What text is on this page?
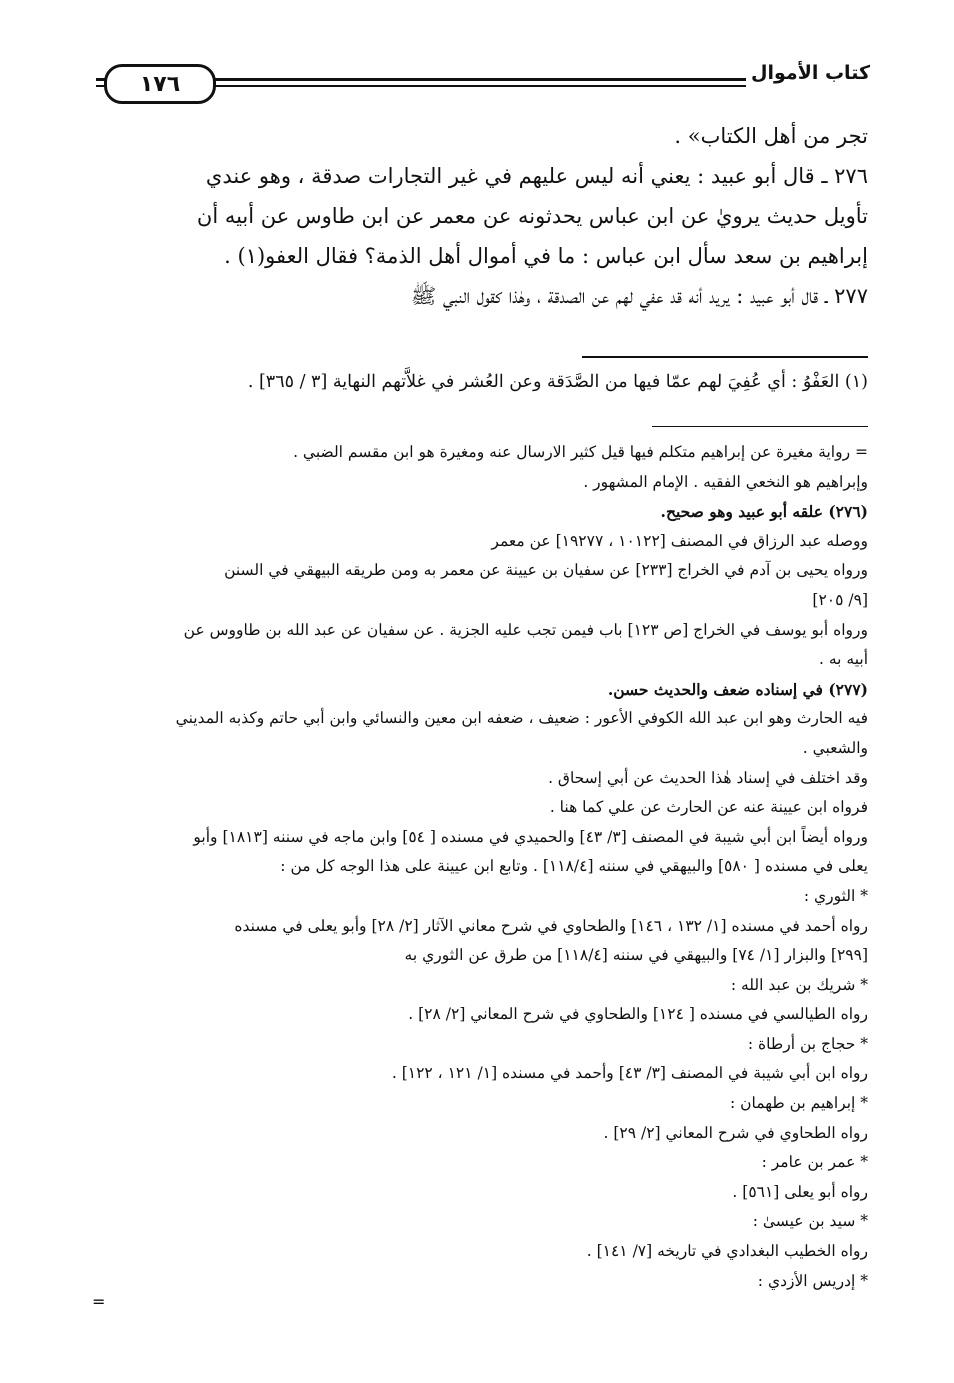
١٧٦	كتاب الأموال

تجر من أهل الكتاب» .

٢٧٦ ـ قال أبو عبيد : يعني أنه ليس عليهم في غير التجارات صدقة ، وهو عندي

تأويل حديث يرويٰ عن ابن عباس يحدثونه عن معمر عن ابن طاوس عن أبيه أن

إبراهيم بن سعد سأل ابن عباس : ما في أموال أهل الذمة؟ فقال العفو(١) .

٢٧٧ ـ قال أبو عبيد : يريد أنه قد عفي لهم عن الصدقة ، وهٰذا كقول النبي ﷺ

(١) العَفْوُ : أي عُفِيَ لهم عمّا فيها من الصَّدَقة وعن العُشر في غلاَّتهم النهاية [٣ / ٣٦٥] .
= رواية مغيرة عن إبراهيم متكلم فيها قيل كثير الارسال عنه ومغيرة هو ابن مقسم الضبي .
وإبراهيم هو النخعي الفقيه . الإمام المشهور .
(٢٧٦) علقه أبو عبيد وهو صحيح.
ووصله عبد الرزاق في المصنف [١٠١٢٢ ، ١٩٢٧٧] عن معمر
ورواه يحيى بن آدم في الخراج [٢٣٣] عن سفيان بن عيينة عن معمر به ومن طريقه البيهقي في السنن
[٩/ ٢٠٥]
ورواه أبو يوسف في الخراج [ص ١٢٣] باب فيمن تجب عليه الجزية . عن سفيان عن عبد الله بن طاووس عن
أبيه به .
(٢٧٧) في إسناده ضعف والحديث حسن.
فيه الحارث وهو ابن عبد الله الكوفي الأعور : ضعيف ، ضعفه ابن معين والنسائي وابن أبي حاتم وكذبه المديني
والشعبي .
وقد اختلف في إسناد هٰذا الحديث عن أبي إسحاق .
فرواه ابن عيينة عنه عن الحارث عن علي كما هنا .
ورواه أيضاً ابن أبي شيبة في المصنف [٣/ ٤٣] والحميدي في مسنده [ ٥٤] وابن ماجه في سننه [١٨١٣] وأبو
يعلى في مسنده [ ٥٨٠] والبيهقي في سننه [١١٨/٤] . وتابع ابن عيينة على هذا الوجه كل من :
* الثوري :
رواه أحمد في مسنده [١/ ١٣٢ ، ١٤٦] والطحاوي في شرح معاني الآثار [٢/ ٢٨] وأبو يعلى في مسنده
[٢٩٩] والبزار [١/ ٧٤] والبيهقي في سننه [١١٨/٤] من طرق عن الثوري به
* شريك بن عبد الله :
رواه الطيالسي في مسنده [ ١٢٤] والطحاوي في شرح المعاني [٢/ ٢٨] .
* حجاج بن أرطاة :
رواه ابن أبي شيبة في المصنف [٣/ ٤٣] وأحمد في مسنده [١/ ١٢١ ، ١٢٢] .
* إبراهيم بن طهمان :
رواه الطحاوي في شرح المعاني [٢/ ٢٩] .
* عمر بن عامر :
رواه أبو يعلى [٥٦١] .
* سيد بن عيسىٰ :
رواه الخطيب البغدادي في تاريخه [٧/ ١٤١] .
* إدريس الأزدي :
=
